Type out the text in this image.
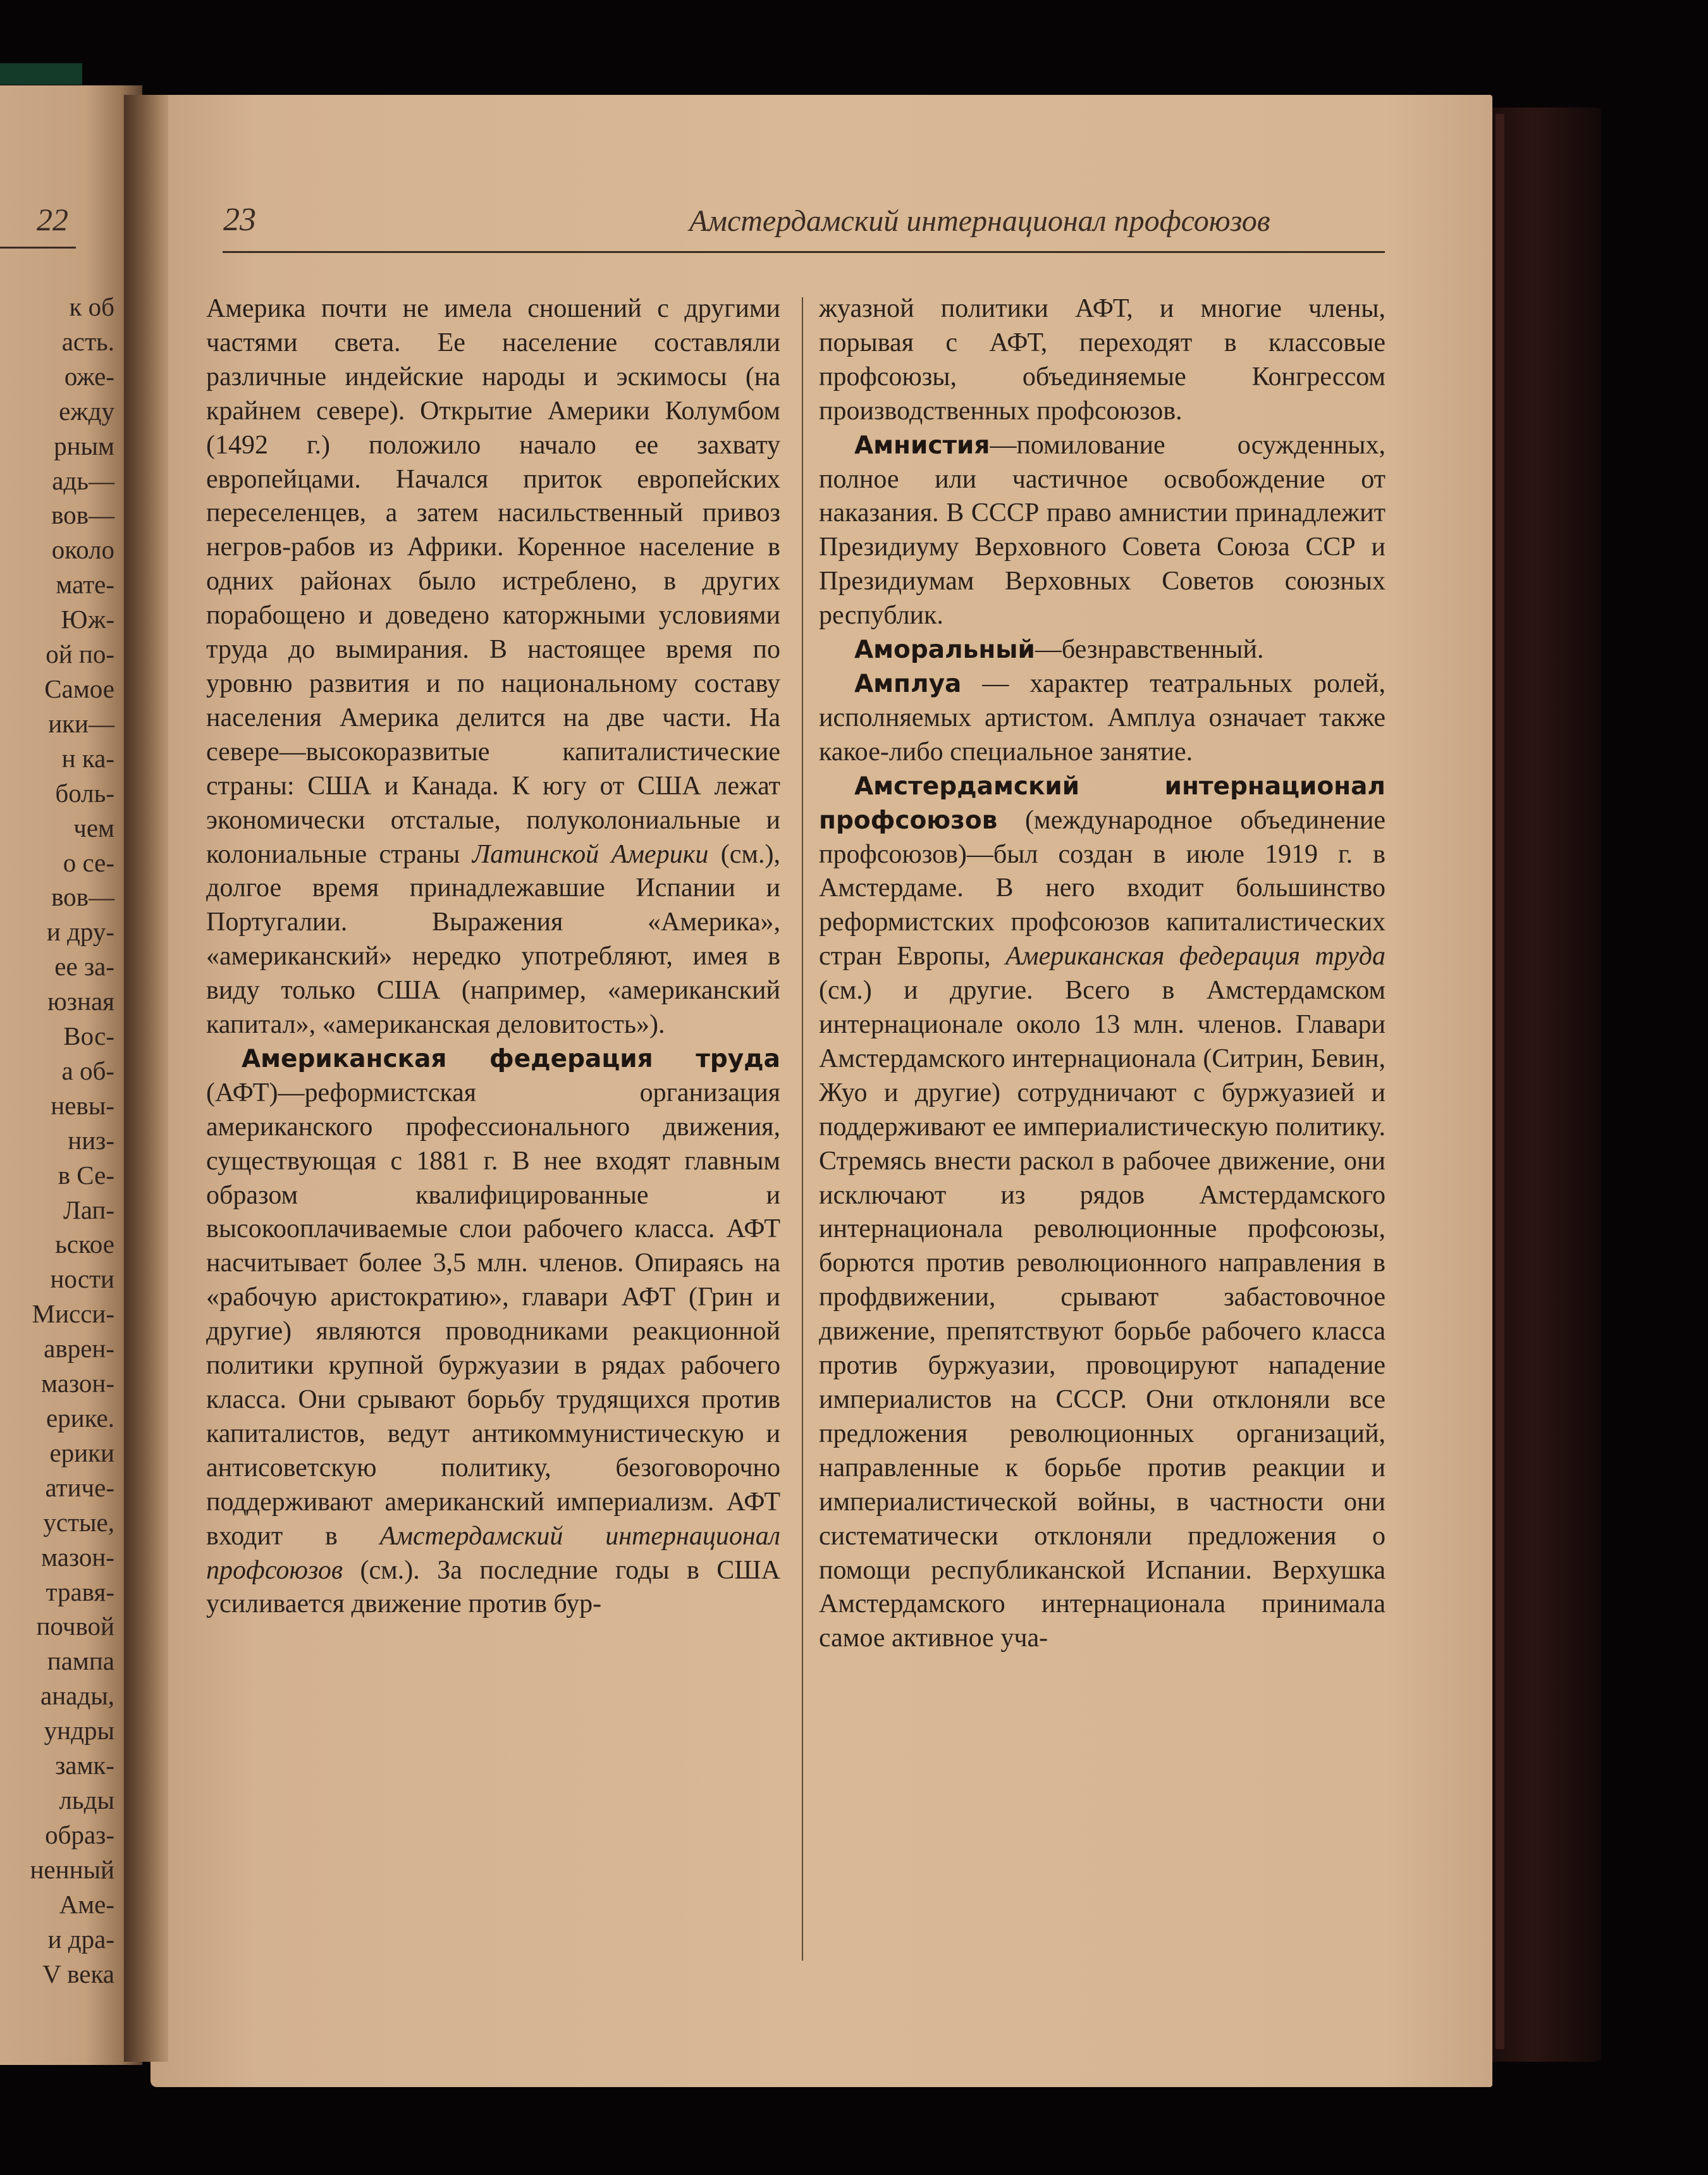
22
к об
асть.
оже-
ежду
рным
адь—
вов—
около
мате-
Юж-
ой по-
Самое
ики—
н ка-
боль-
чем
о се-
вов—
и дру-
ее за-
юзная
Вос-
а об-
невы-
низ-
в Се-
Лап-
ьское
ности
Мисси-
аврен-
мазон-
ерике.
ерики
атиче-
устые,
мазон-
травя-
почвой
пампа
анады,
ундры
замк-
льды
образ-
ненный
Аме-
и дра-
V века
23	Амстердамский интернационал профсоюзов

Америка почти не имела сношений с другими частями света. Ее население составляли различные индейские народы и эскимосы (на крайнем севере). Открытие Америки Колумбом (1492 г.) положило начало ее захвату европейцами. Начался приток европейских переселенцев, а затем насильственный привоз негров-рабов из Африки. Коренное население в одних районах было истреблено, в других порабощено и доведено каторжными условиями труда до вымирания. В настоящее время по уровню развития и по национальному составу населения Америка делится на две части. На севере—высокоразвитые капиталистические страны: США и Канада. К югу от США лежат экономически отсталые, полуколониальные и колониальные страны Латинской Америки (см.), долгое время принадлежавшие Испании и Португалии. Выражения «Америка», «американский» нередко употребляют, имея в виду только США (например, «американский капитал», «американская деловитость»).

Американская федерация труда (АФТ)—реформистская организация американского профессионального движения, существующая с 1881 г. В нее входят главным образом квалифицированные и высокооплачиваемые слои рабочего класса. АФТ насчитывает более 3,5 млн. членов. Опираясь на «рабочую аристократию», главари АФТ (Грин и другие) являются проводниками реакционной политики крупной буржуазии в рядах рабочего класса. Они срывают борьбу трудящихся против капиталистов, ведут антикоммунистическую и антисоветскую политику, безоговорочно поддерживают американский империализм. АФТ входит в Амстердамский интернационал профсоюзов (см.). За последние годы в США усиливается движение против бур-

жуазной политики АФТ, и многие члены, порывая с АФТ, переходят в классовые профсоюзы, объединяемые Конгрессом производственных профсоюзов.

Амнистия—помилование осужденных, полное или частичное освобождение от наказания. В СССР право амнистии принадлежит Президиуму Верховного Совета Союза ССР и Президиумам Верховных Советов союзных республик.

Аморальный—безнравственный.

Амплуа — характер театральных ролей, исполняемых артистом. Амплуа означает также какое-либо специальное занятие.

Амстердамский интернационал профсоюзов (международное объединение профсоюзов)—был создан в июле 1919 г. в Амстердаме. В него входит большинство реформистских профсоюзов капиталистических стран Европы, Американская федерация труда (см.) и другие. Всего в Амстердамском интернационале около 13 млн. членов. Главари Амстердамского интернационала (Ситрин, Бевин, Жуо и другие) сотрудничают с буржуазией и поддерживают ее империалистическую политику. Стремясь внести раскол в рабочее движение, они исключают из рядов Амстердамского интернационала революционные профсоюзы, борются против революционного направления в профдвижении, срывают забастовочное движение, препятствуют борьбе рабочего класса против буржуазии, провоцируют нападение империалистов на СССР. Они отклоняли все предложения революционных организаций, направленные к борьбе против реакции и империалистической войны, в частности они систематически отклоняли предложения о помощи республиканской Испании. Верхушка Амстердамского интернационала принимала самое активное уча-
